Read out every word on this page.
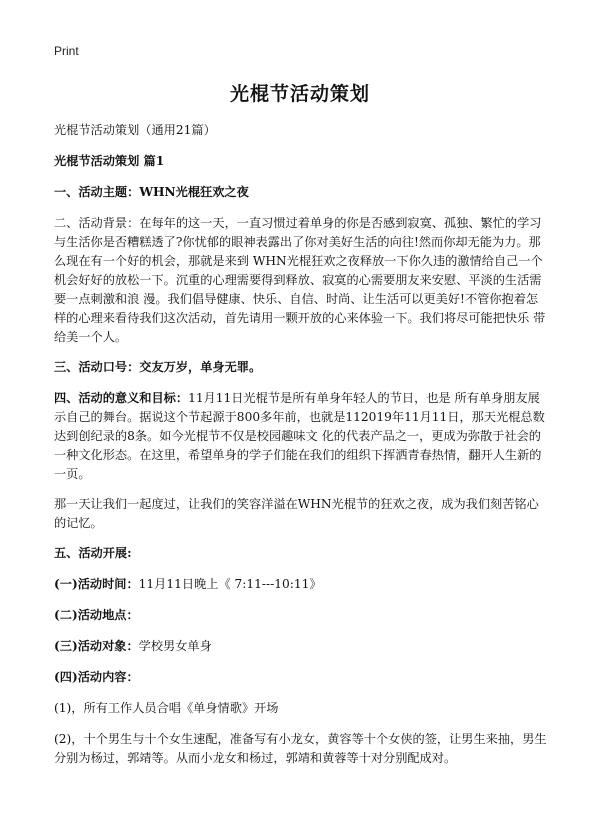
Print
光棍节活动策划

光棍节活动策划（通用21篇）

光棍节活动策划 篇1

一、活动主题：WHN光棍狂欢之夜

二、活动背景：在每年的这一天，一直习惯过着单身的你是否感到寂寞、孤独、繁忙的学习与生活你是否糟糕透了?你忧郁的眼神表露出了你对美好生活的向往!然而你却无能为力。那么现在有一个好的机会，那就是来到 WHN光棍狂欢之夜释放一下你久违的激情给自己一个机会好好的放松一下。沉重的心理需要得到释放、寂寞的心需要朋友来安慰、平淡的生活需要一点刺激和浪 漫。我们倡导健康、快乐、自信、时尚、让生活可以更美好!不管你抱着怎样的心理来看待我们这次活动，首先请用一颗开放的心来体验一下。我们将尽可能把快乐 带给美一个人。

三、活动口号：交友万岁，单身无罪。

四、活动的意义和目标：11月11日光棍节是所有单身年轻人的节日，也是 所有单身朋友展示自己的舞台。据说这个节起源于800多年前，也就是112019年11月11日，那天光棍总数达到创纪录的8条。如今光棍节不仅是校园趣味文 化的代表产品之一，更成为弥散于社会的一种文化形态。在这里，希望单身的学子们能在我们的组织下挥洒青春热情，翻开人生新的一页。

那一天让我们一起度过，让我们的笑容洋溢在WHN光棍节的狂欢之夜，成为我们刻苦铭心的记忆。

五、活动开展:

(一)活动时间：11月11日晚上《 7:11---10:11》

(二)活动地点：

(三)活动对象：学校男女单身

(四)活动内容：

(1)，所有工作人员合唱《单身情歌》开场

(2)，十个男生与十个女生速配，准备写有小龙女，黄容等十个女侠的签，让男生来抽，男生分别为杨过，郭靖等。从而小龙女和杨过，郭靖和黄蓉等十对分别配成对。
